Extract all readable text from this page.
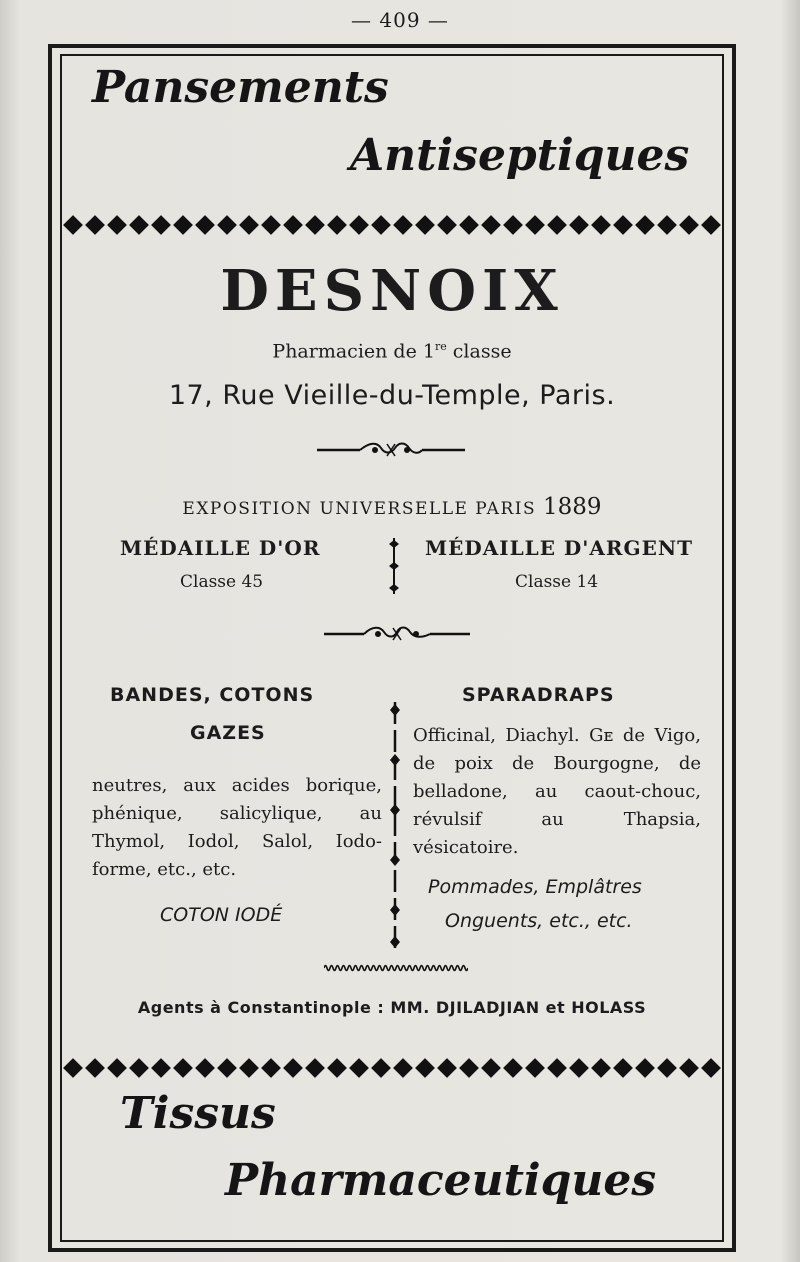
— 409 —
Pansements
Antiseptiques
DESNOIX
Pharmacien de 1re classe
17, Rue Vieille-du-Temple, Paris.
EXPOSITION UNIVERSELLE PARIS 1889
MÉDAILLE D'OR	MÉDAILLE D'ARGENT
Classe 45	Classe 14
BANDES, COTONS
GAZES
SPARADRAPS
neutres, aux acides borique, phénique, salicylique, au Thymol, Iodol, Salol, Iodo-forme, etc., etc.
COTON IODÉ
Officinal, Diachyl. Gᴇ de Vigo, de poix de Bourgogne, de belladone, au caout-chouc, révulsif au Thapsia, vésicatoire.
Pommades, Emplâtres
Onguents, etc., etc.
Agents à Constantinople : MM. DJILADJIAN et HOLASS
Tissus
Pharmaceutiques
